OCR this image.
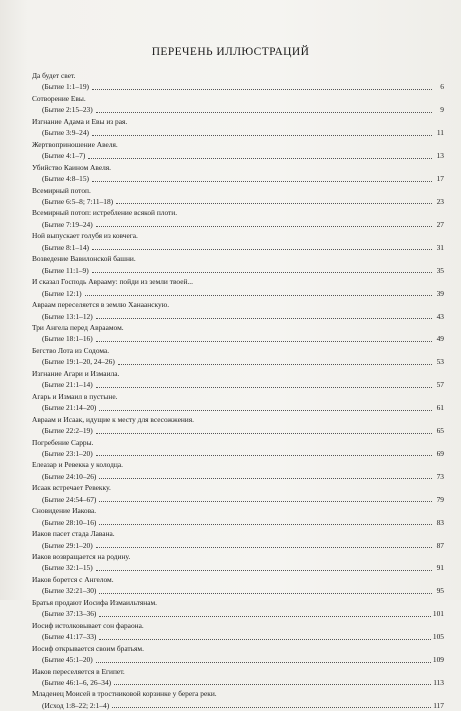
ПЕРЕЧЕНЬ ИЛЛЮСТРАЦИЙ
Да будет свет.
(Бытие 1:1–19)	6
Сотворение Евы.
(Бытие 2:15–23)	9
Изгнание Адама и Евы из рая.
(Бытие 3:9–24)	11
Жертвоприношение Авеля.
(Бытие 4:1–7)	13
Убийство Каином Авеля.
(Бытие 4:8–15)	17
Всемирный потоп.
(Бытие 6:5–8; 7:11–18)	23
Всемирный потоп: истребление всякой плоти.
(Бытие 7:19–24)	27
Ной выпускает голубя из ковчега.
(Бытие 8:1–14)	31
Возведение Вавилонской башни.
(Бытие 11:1–9)	35
И сказал Господь Аврааму: пойди из земли твоей...
(Бытие 12:1)	39
Авраам переселяется в землю Ханаанскую.
(Бытие 13:1–12)	43
Три Ангела перед Авраамом.
(Бытие 18:1–16)	49
Бегство Лота из Содома.
(Бытие 19:1–20, 24–26)	53
Изгнание Агари и Измаила.
(Бытие 21:1–14)	57
Агарь и Измаил в пустыне.
(Бытие 21:14–20)	61
Авраам и Исаак, идущие к месту для всесожжения.
(Бытие 22:2–19)	65
Погребение Сарры.
(Бытие 23:1–20)	69
Елеазар и Ревекка у колодца.
(Бытие 24:10–26)	73
Исаак встречает Ревекку.
(Бытие 24:54–67)	79
Сновидение Иакова.
(Бытие 28:10–16)	83
Иаков пасет стада Лавана.
(Бытие 29:1–20)	87
Иаков возвращается на родину.
(Бытие 32:1–15)	91
Иаков борется с Ангелом.
(Бытие 32:21–30)	95
Братья продают Иосифа Измаильтянам.
(Бытие 37:13–36)	101
Иосиф истолковывает сон фараона.
(Бытие 41:17–33)	105
Иосиф открывается своим братьям.
(Бытие 45:1–20)	109
Иаков переселяется в Египет.
(Бытие 46:1–6, 26–34)	113
Младенец Моисей в тростниковой корзинке у берега реки.
(Исход 1:8–22; 2:1–4)	117
